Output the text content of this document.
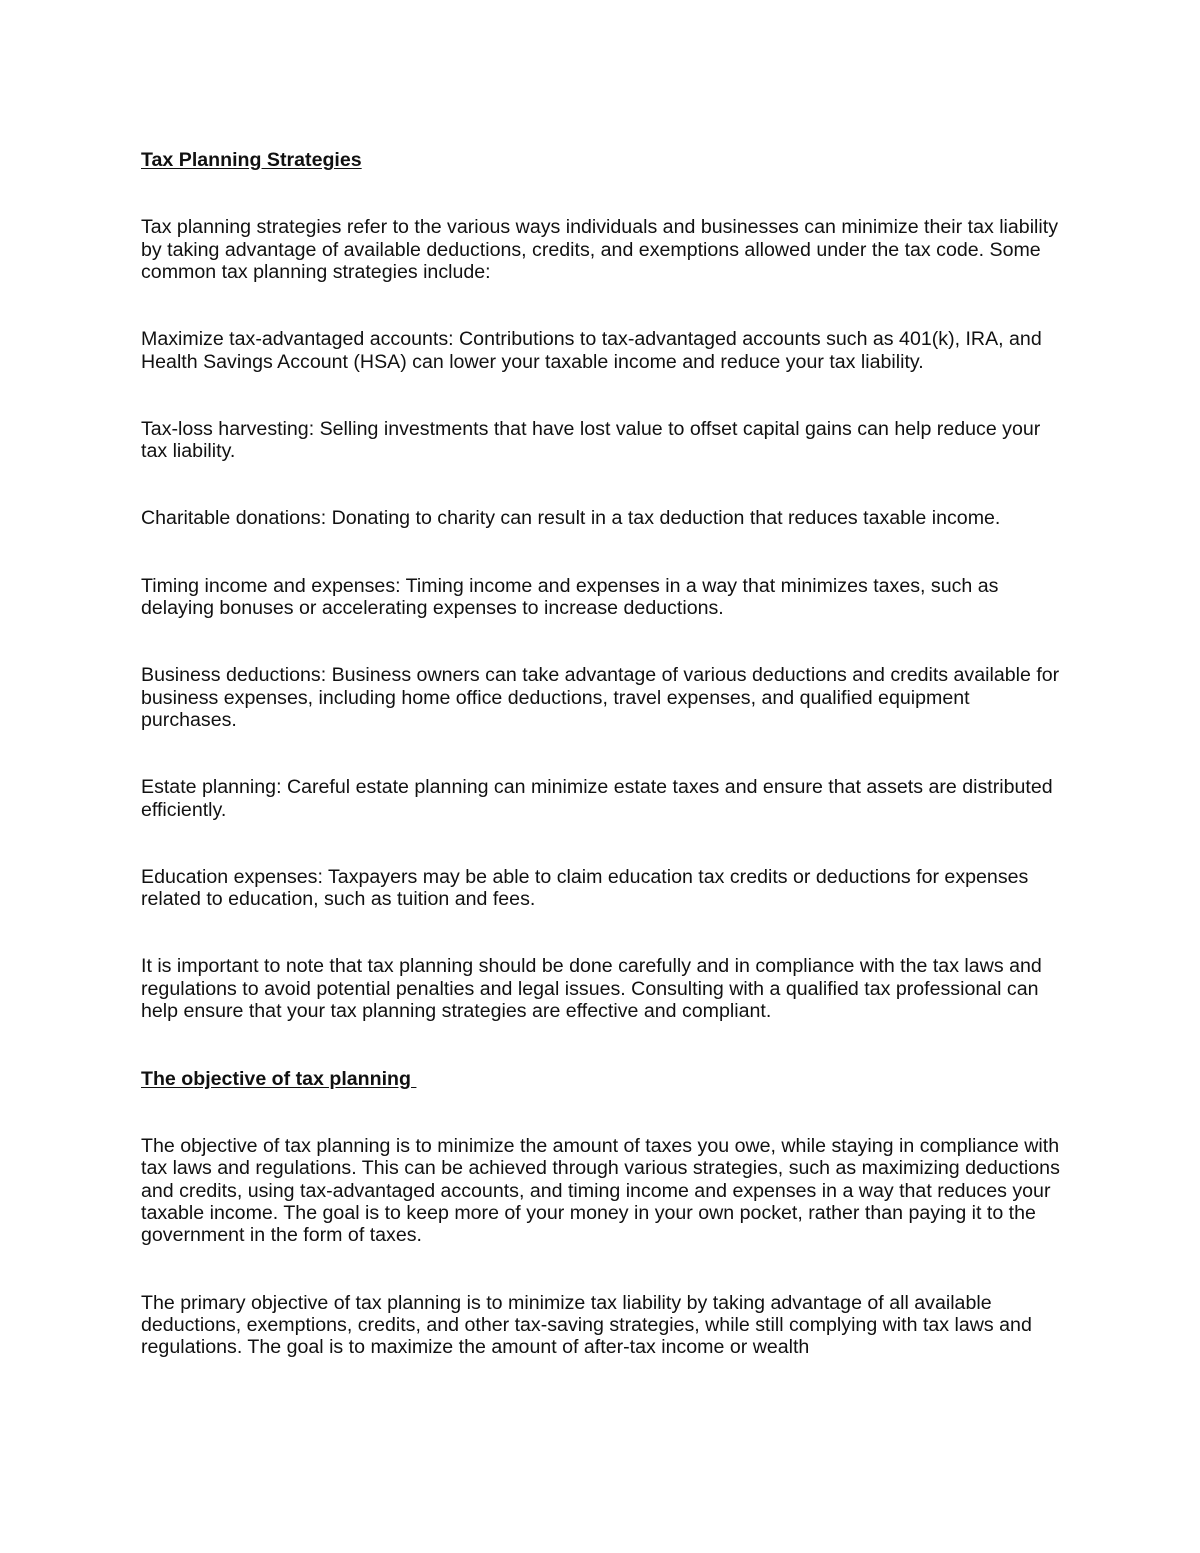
Tax Planning Strategies

Tax planning strategies refer to the various ways individuals and businesses can minimize their tax liability by taking advantage of available deductions, credits, and exemptions allowed under the tax code. Some common tax planning strategies include:

Maximize tax-advantaged accounts: Contributions to tax-advantaged accounts such as 401(k), IRA, and Health Savings Account (HSA) can lower your taxable income and reduce your tax liability.

Tax-loss harvesting: Selling investments that have lost value to offset capital gains can help reduce your tax liability.

Charitable donations: Donating to charity can result in a tax deduction that reduces taxable income.

Timing income and expenses: Timing income and expenses in a way that minimizes taxes, such as delaying bonuses or accelerating expenses to increase deductions.

Business deductions: Business owners can take advantage of various deductions and credits available for business expenses, including home office deductions, travel expenses, and qualified equipment purchases.

Estate planning: Careful estate planning can minimize estate taxes and ensure that assets are distributed efficiently.

Education expenses: Taxpayers may be able to claim education tax credits or deductions for expenses related to education, such as tuition and fees.

It is important to note that tax planning should be done carefully and in compliance with the tax laws and regulations to avoid potential penalties and legal issues. Consulting with a qualified tax professional can help ensure that your tax planning strategies are effective and compliant.

The objective of tax planning

The objective of tax planning is to minimize the amount of taxes you owe, while staying in compliance with tax laws and regulations. This can be achieved through various strategies, such as maximizing deductions and credits, using tax-advantaged accounts, and timing income and expenses in a way that reduces your taxable income. The goal is to keep more of your money in your own pocket, rather than paying it to the government in the form of taxes.

The primary objective of tax planning is to minimize tax liability by taking advantage of all available deductions, exemptions, credits, and other tax-saving strategies, while still complying with tax laws and regulations. The goal is to maximize the amount of after-tax income or wealth
